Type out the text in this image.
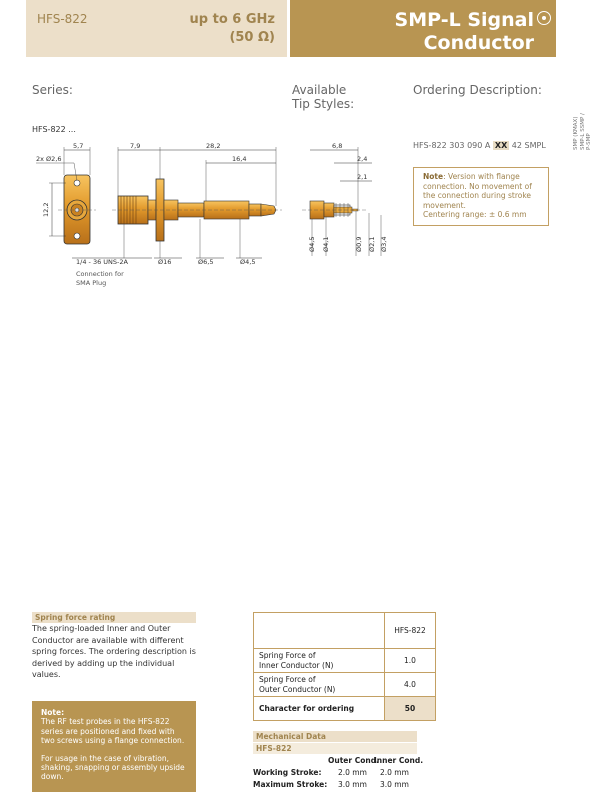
HFS-822	up to 6 GHz
(50 Ω)
SMP-L Signal Conductor
Plug
Series:	Available
Tip Styles:
Ordering Description:
HFS-822 ...
HFS-822 303 090 A XX 42 SMPL
Note: Version with flange connection. No movement of the connection during stroke movement.
Centering range: ± 0.6 mm
SMP (KMAX) SMP-L SSMP / P-SMP
5,7
2x Ø2,6
12,2
7,9	28,2
16,4
1/4 - 36 UNS-2A	Ø16	Ø6,5	Ø4,5
6,8
2,4
2,1
Ø4,5 Ø4,1	Ø0,9 Ø2,1 Ø3,4
Connection for
SMA Plug
Spring force rating
The spring-loaded Inner and Outer Conductor are available with different spring forces. The ordering description is derived by adding up the individual values.
Note:
The RF test probes in the HFS-822 series are positioned and fixed with two screws using a flange connection.
For usage in the case of vibration, shaking, snapping or assembly upside down.
	HFS-822

Spring Force of
Inner Conductor (N)	1.0

Spring Force of
Outer Conductor (N)	4.0
Character for ordering	50
Mechanical Data
HFS-822
Outer Cond.
Inner Cond.
Working Stroke: 2.0 mm 2.0 mm
Maximum Stroke: 3.0 mm 3.0 mm
